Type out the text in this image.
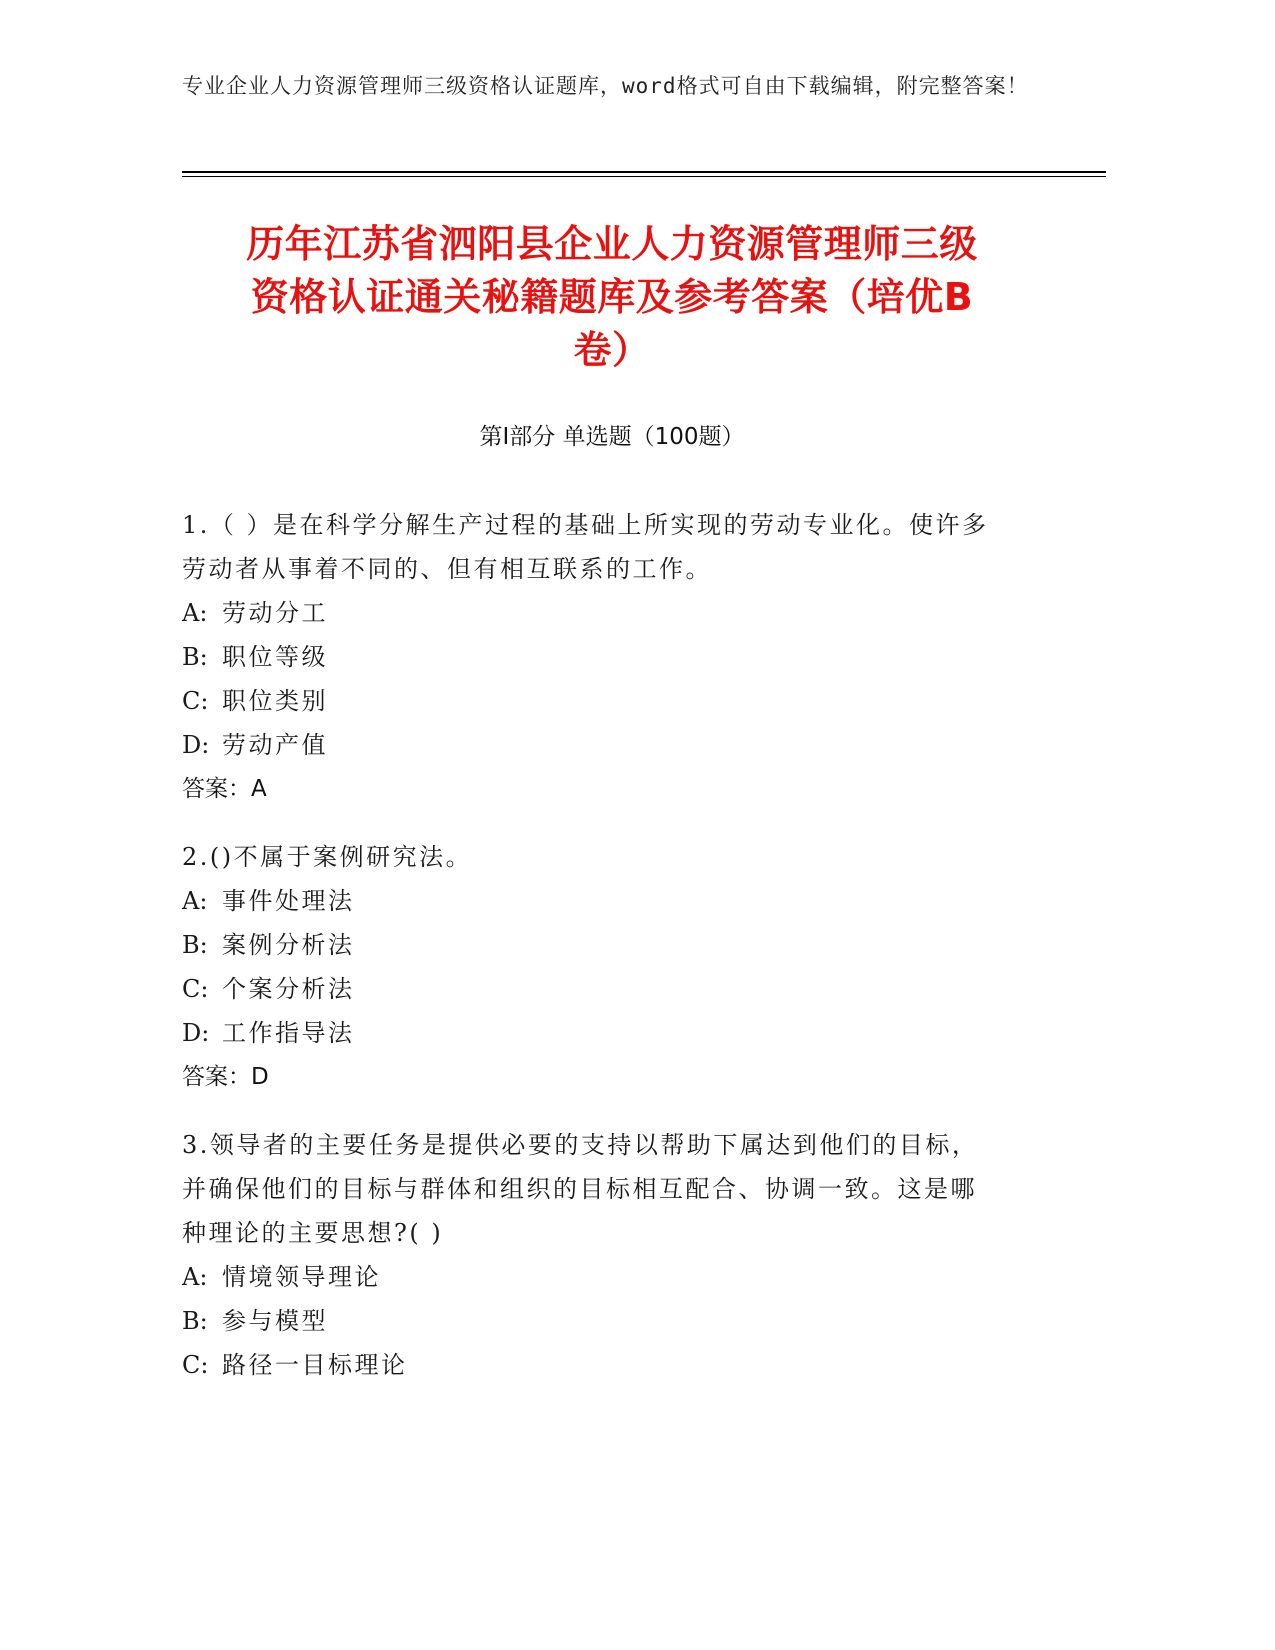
专业企业人力资源管理师三级资格认证题库，word格式可自由下载编辑，附完整答案！
历年江苏省泗阳县企业人力资源管理师三级
资格认证通关秘籍题库及参考答案（培优B
卷）
第Ⅰ部分 单选题（100题）
1.（ ）是在科学分解生产过程的基础上所实现的劳动专业化。使许多
劳动者从事着不同的、但有相互联系的工作。
A: 劳动分工
B: 职位等级
C: 职位类别
D: 劳动产值
答案：A
2.()不属于案例研究法。
A: 事件处理法
B: 案例分析法
C: 个案分析法
D: 工作指导法
答案：D
3.领导者的主要任务是提供必要的支持以帮助下属达到他们的目标，
并确保他们的目标与群体和组织的目标相互配合、协调一致。这是哪
种理论的主要思想?( )
A: 情境领导理论
B: 参与模型
C: 路径一目标理论
